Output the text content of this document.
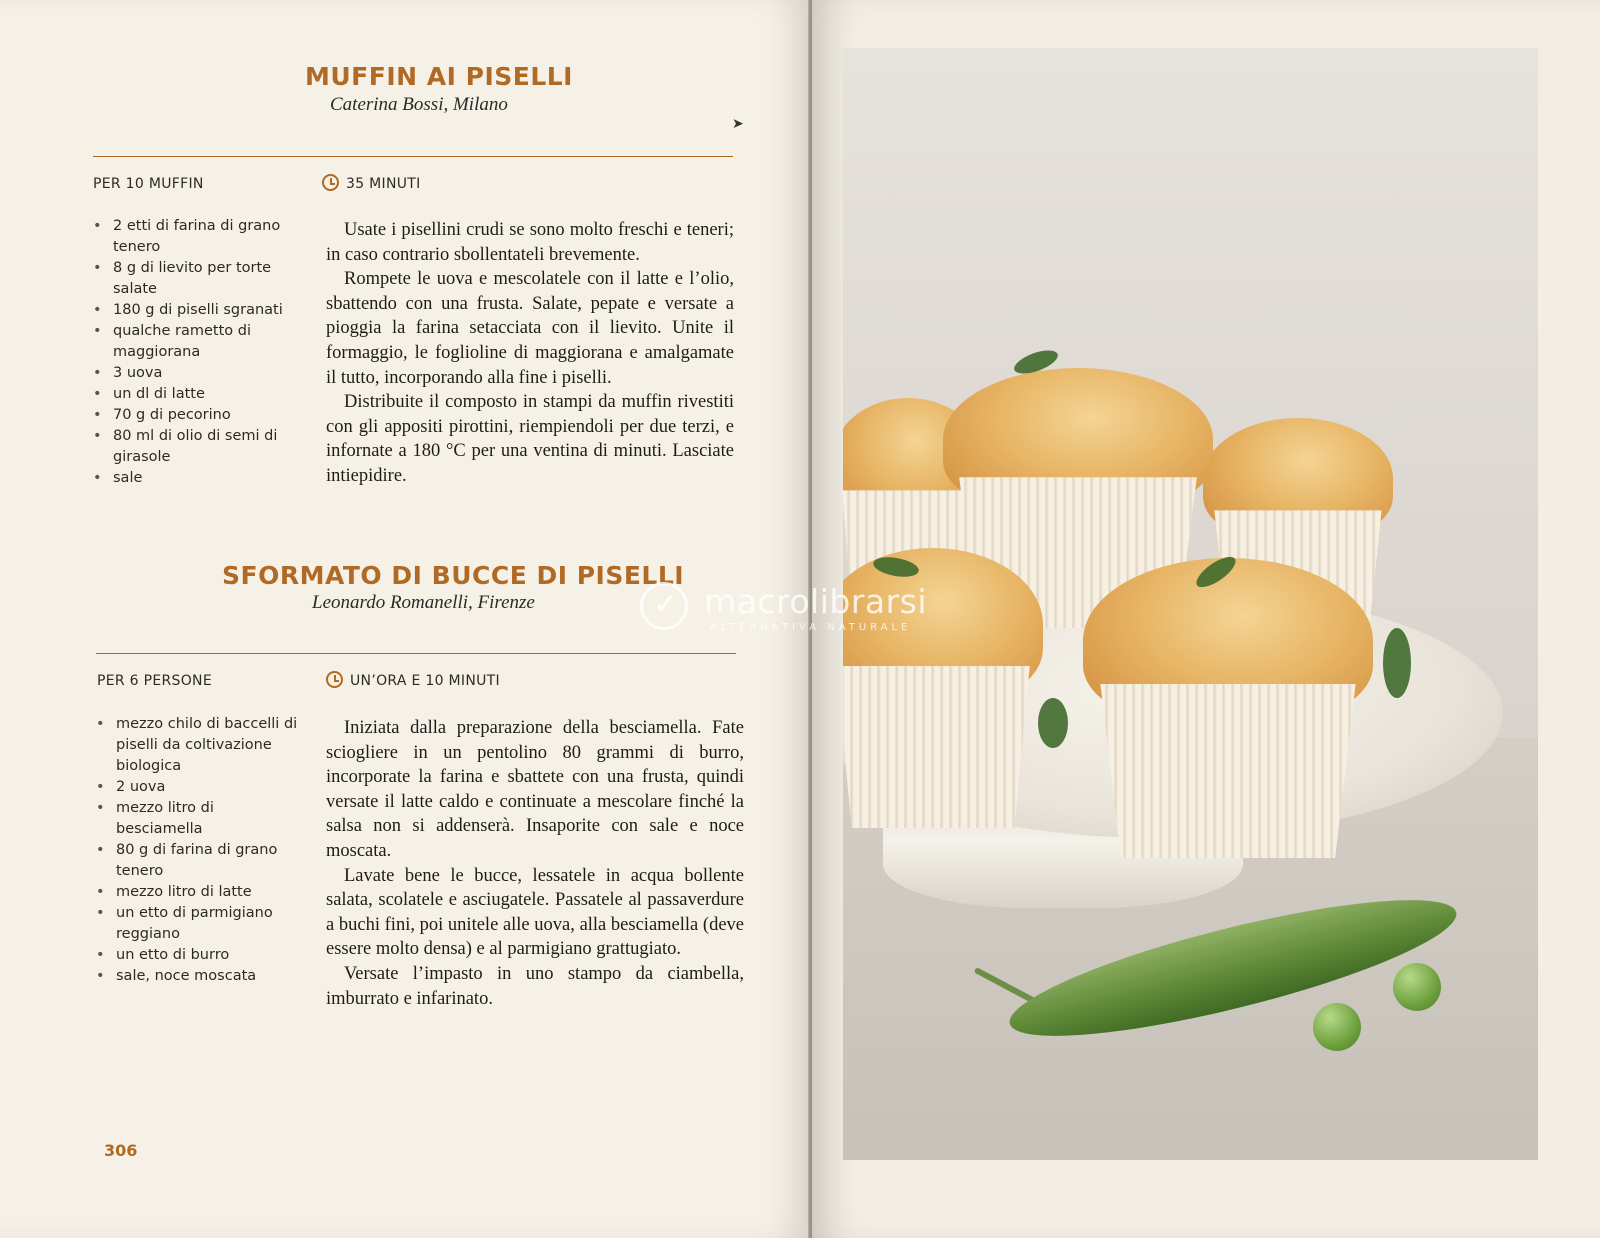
MUFFIN AI PISELLI
Caterina Bossi, Milano
➤
PER 10 MUFFIN	35 MINUTI
• 2 etti di farina di grano tenero
• 8 g di lievito per torte salate
• 180 g di piselli sgranati
• qualche rametto di maggiorana
• 3 uova
• un dl di latte
• 70 g di pecorino
• 80 ml di olio di semi di girasole
• sale

Usate i pisellini crudi se sono molto freschi e teneri; in caso contrario sbollentateli brevemente.

Rompete le uova e mescolatele con il latte e l’olio, sbattendo con una frusta. Salate, pepate e versate a pioggia la farina setacciata con il lievito. Unite il formaggio, le foglioline di maggiorana e amalgamate il tutto, incorporando alla fine i piselli.

Distribuite il composto in stampi da muffin rivestiti con gli appositi pirottini, riempiendoli per due terzi, e infornate a 180 °C per una ventina di minuti. Lasciate intiepidire.

SFORMATO DI BUCCE DI PISELLI
Leonardo Romanelli, Firenze
PER 6 PERSONE	UN’ORA E 10 MINUTI
• mezzo chilo di baccelli di piselli da coltivazione biologica
• 2 uova
• mezzo litro di besciamella
• 80 g di farina di grano tenero
• mezzo litro di latte
• un etto di parmigiano reggiano
• un etto di burro
• sale, noce moscata

Iniziata dalla preparazione della besciamella. Fate sciogliere in un pentolino 80 grammi di burro, incorporate la farina e sbattete con una frusta, quindi versate il latte caldo e continuate a mescolare finché la salsa non si addenserà. Insaporite con sale e noce moscata.

Lavate bene le bucce, lessatele in acqua bollente salata, scolatele e asciugatele. Passatele al passaverdure a buchi fini, poi unitele alle uova, alla besciamella (deve essere molto densa) e al parmigiano grattugiato.

Versate l’impasto in uno stampo da ciambella, imburrato e infarinato.

306
✓
macrolibrarsi
ALTERNATIVA NATURALE
